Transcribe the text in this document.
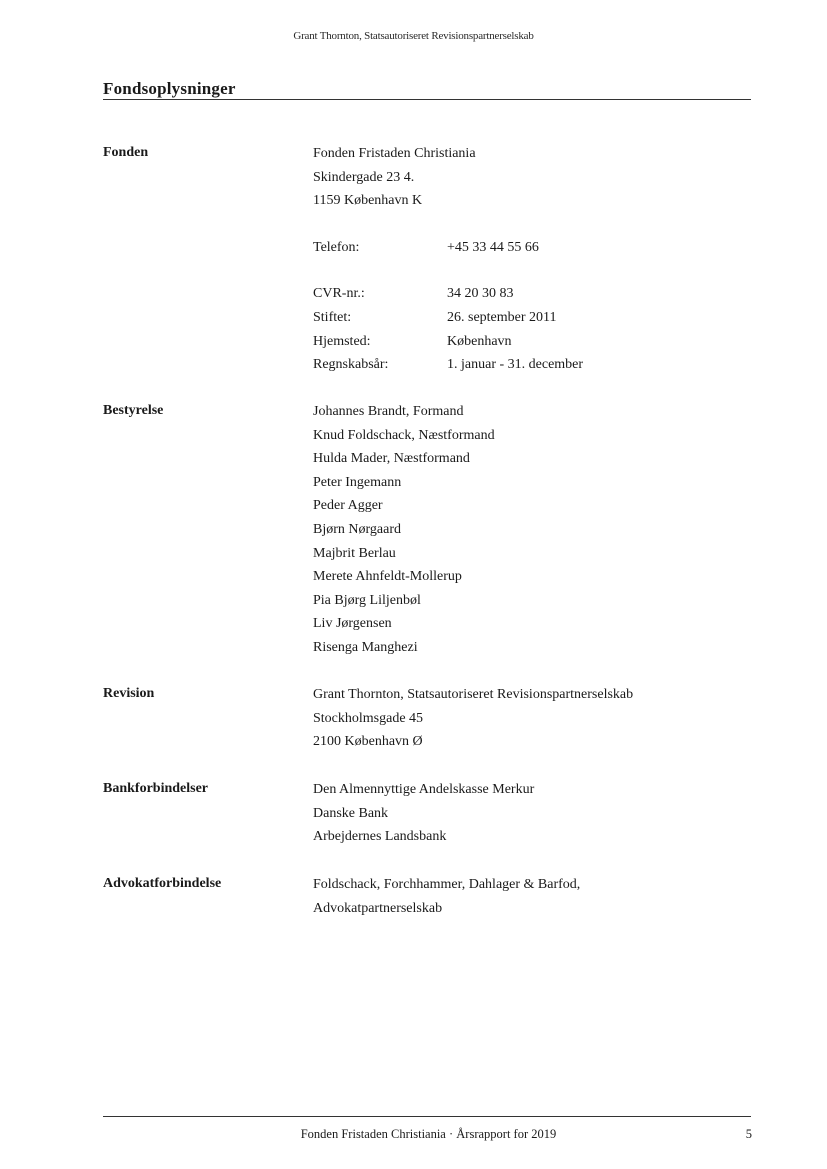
Grant Thornton, Statsautoriseret Revisionspartnerselskab
Fondsoplysninger
Fonden	Fonden Fristaden Christiania
Skindergade 23 4.
1159 København K
Telefon:	+45 33 44 55 66
CVR-nr.:	34 20 30 83
Stiftet:	26. september 2011
Hjemsted:	København
Regnskabsår:	1. januar - 31. december
Bestyrelse	Johannes Brandt, Formand
Knud Foldschack, Næstformand
Hulda Mader, Næstformand
Peter Ingemann
Peder Agger
Bjørn Nørgaard
Majbrit Berlau
Merete Ahnfeldt-Mollerup
Pia Bjørg Liljenbøl
Liv Jørgensen
Risenga Manghezi
Revision	Grant Thornton, Statsautoriseret Revisionspartnerselskab
Stockholmsgade 45
2100 København Ø
Bankforbindelser	Den Almennyttige Andelskasse Merkur
Danske Bank
Arbejdernes Landsbank
Advokatforbindelse	Foldschack, Forchhammer, Dahlager & Barfod,
Advokatpartnerselskab
Fonden Fristaden Christiania · Årsrapport for 2019	5
